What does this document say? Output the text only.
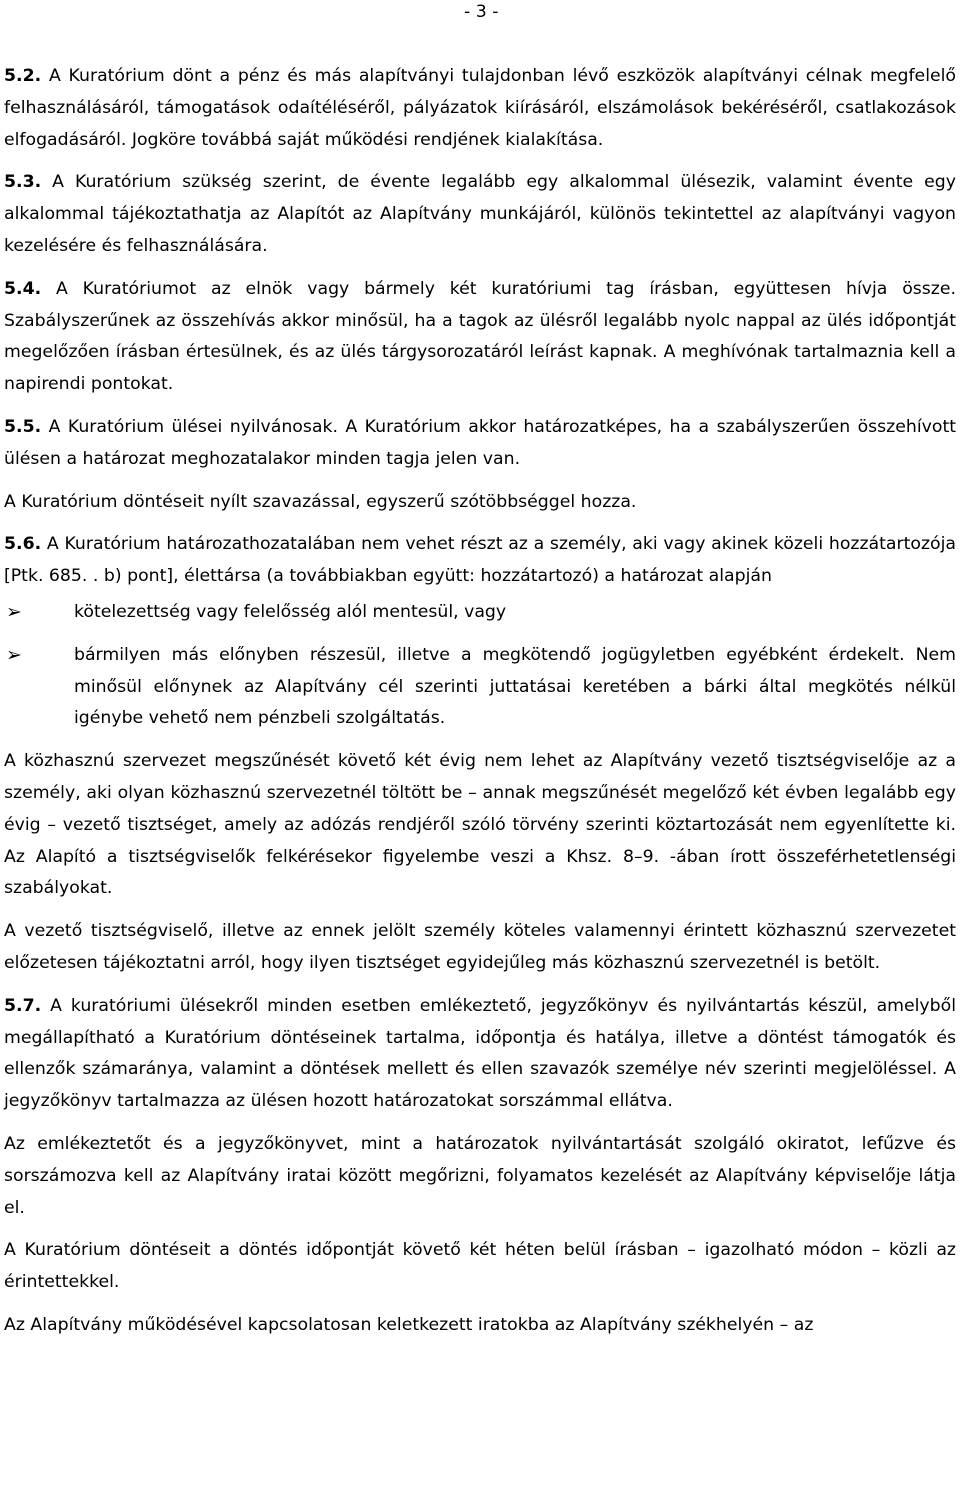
- 3 -

5.2. A Kuratórium dönt a pénz és más alapítványi tulajdonban lévő eszközök alapítványi célnak megfelelő felhasználásáról, támogatások odaítéléséről, pályázatok kiírásáról, elszámolások bekéréséről, csatlakozások elfogadásáról. Jogköre továbbá saját működési rendjének kialakítása.

5.3. A Kuratórium szükség szerint, de évente legalább egy alkalommal ülésezik, valamint évente egy alkalommal tájékoztathatja az Alapítót az Alapítvány munkájáról, különös tekintettel az alapítványi vagyon kezelésére és felhasználására.

5.4. A Kuratóriumot az elnök vagy bármely két kuratóriumi tag írásban, együttesen hívja össze. Szabályszerűnek az összehívás akkor minősül, ha a tagok az ülésről legalább nyolc nappal az ülés időpontját megelőzően írásban értesülnek, és az ülés tárgysorozatáról leírást kapnak. A meghívónak tartalmaznia kell a napirendi pontokat.

5.5. A Kuratórium ülései nyilvánosak. A Kuratórium akkor határozatképes, ha a szabályszerűen összehívott ülésen a határozat meghozatalakor minden tagja jelen van.

A Kuratórium döntéseit nyílt szavazással, egyszerű szótöbbséggel hozza.

5.6. A Kuratórium határozathozatalában nem vehet részt az a személy, aki vagy akinek közeli hozzátartozója [Ptk. 685. . b) pont], élettársa (a továbbiakban együtt: hozzátartozó) a határozat alapján

➢	kötelezettség vagy felelősség alól mentesül, vagy
➢	bármilyen más előnyben részesül, illetve a megkötendő jogügyletben egyébként érdekelt. Nem minősül előnynek az Alapítvány cél szerinti juttatásai keretében a bárki által megkötés nélkül igénybe vehető nem pénzbeli szolgáltatás.

A közhasznú szervezet megszűnését követő két évig nem lehet az Alapítvány vezető tisztségviselője az a személy, aki olyan közhasznú szervezetnél töltött be – annak megszűnését megelőző két évben legalább egy évig – vezető tisztséget, amely az adózás rendjéről szóló törvény szerinti köztartozását nem egyenlítette ki. Az Alapító a tisztségviselők felkérésekor figyelembe veszi a Khsz. 8–9. -ában írott összeférhetetlenségi szabályokat.

A vezető tisztségviselő, illetve az ennek jelölt személy köteles valamennyi érintett közhasznú szervezetet előzetesen tájékoztatni arról, hogy ilyen tisztséget egyidejűleg más közhasznú szervezetnél is betölt.

5.7. A kuratóriumi ülésekről minden esetben emlékeztető, jegyzőkönyv és nyilvántartás készül, amelyből megállapítható a Kuratórium döntéseinek tartalma, időpontja és hatálya, illetve a döntést támogatók és ellenzők számaránya, valamint a döntések mellett és ellen szavazók személye név szerinti megjelöléssel. A jegyzőkönyv tartalmazza az ülésen hozott határozatokat sorszámmal ellátva.

Az emlékeztetőt és a jegyzőkönyvet, mint a határozatok nyilvántartását szolgáló okiratot, lefűzve és sorszámozva kell az Alapítvány iratai között megőrizni, folyamatos kezelését az Alapítvány képviselője látja el.

A Kuratórium döntéseit a döntés időpontját követő két héten belül írásban – igazolható módon – közli az érintettekkel.

Az Alapítvány működésével kapcsolatosan keletkezett iratokba az Alapítvány székhelyén – az
